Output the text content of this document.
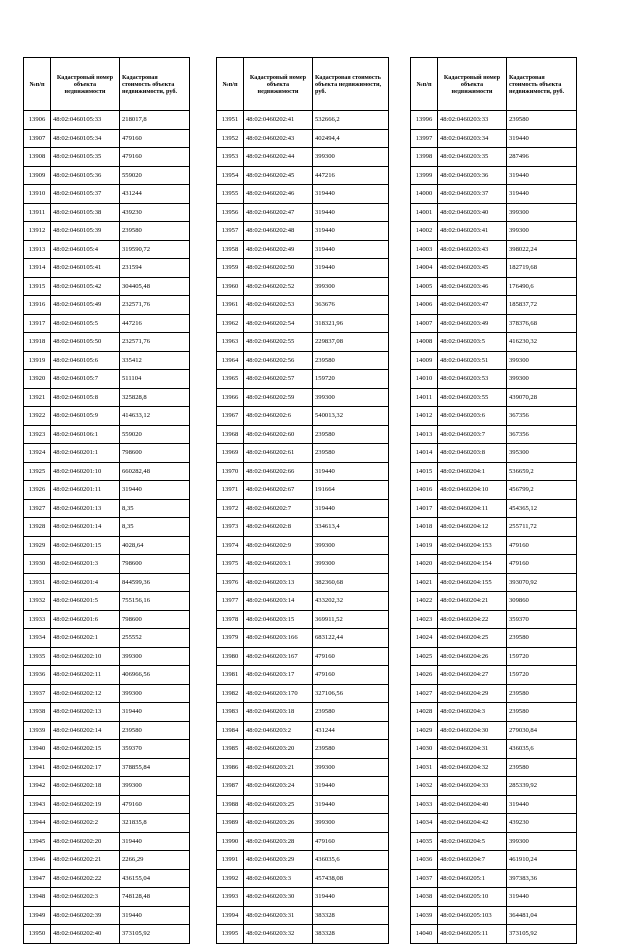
№п/п	Кадастровый номер объекта недвижимости	Кадастровая стоимость объекта недвижимости, руб.
13906	48:02:0460105:33	218017,8
13907	48:02:0460105:34	479160
13908	48:02:0460105:35	479160
13909	48:02:0460105:36	559020
13910	48:02:0460105:37	431244
13911	48:02:0460105:38	439230
13912	48:02:0460105:39	239580
13913	48:02:0460105:4	319590,72
13914	48:02:0460105:41	231594
13915	48:02:0460105:42	304405,48
13916	48:02:0460105:49	232571,76
13917	48:02:0460105:5	447216
13918	48:02:0460105:50	232571,76
13919	48:02:0460105:6	335412
13920	48:02:0460105:7	511104
13921	48:02:0460105:8	325828,8
13922	48:02:0460105:9	414633,12
13923	48:02:0460106:1	559020
13924	48:02:0460201:1	798600
13925	48:02:0460201:10	660282,48
13926	48:02:0460201:11	319440
13927	48:02:0460201:13	8,35
13928	48:02:0460201:14	8,35
13929	48:02:0460201:15	4028,64
13930	48:02:0460201:3	798600
13931	48:02:0460201:4	844599,36
13932	48:02:0460201:5	755156,16
13933	48:02:0460201:6	798600
13934	48:02:0460202:1	255552
13935	48:02:0460202:10	399300
13936	48:02:0460202:11	406966,56
13937	48:02:0460202:12	399300
13938	48:02:0460202:13	319440
13939	48:02:0460202:14	239580
13940	48:02:0460202:15	359370
13941	48:02:0460202:17	378855,84
13942	48:02:0460202:18	399300
13943	48:02:0460202:19	479160
13944	48:02:0460202:2	321835,8
13945	48:02:0460202:20	319440
13946	48:02:0460202:21	2266,29
13947	48:02:0460202:22	436155,04
13948	48:02:0460202:3	748128,48
13949	48:02:0460202:39	319440
13950	48:02:0460202:40	373105,92
№п/п	Кадастровый номер объекта недвижимости	Кадастровая стоимость объекта недвижимости, руб.
13951	48:02:0460202:41	532666,2
13952	48:02:0460202:43	402494,4
13953	48:02:0460202:44	399300
13954	48:02:0460202:45	447216
13955	48:02:0460202:46	319440
13956	48:02:0460202:47	319440
13957	48:02:0460202:48	319440
13958	48:02:0460202:49	319440
13959	48:02:0460202:50	319440
13960	48:02:0460202:52	399300
13961	48:02:0460202:53	363676
13962	48:02:0460202:54	318321,96
13963	48:02:0460202:55	229837,08
13964	48:02:0460202:56	239580
13965	48:02:0460202:57	159720
13966	48:02:0460202:59	399300
13967	48:02:0460202:6	540013,32
13968	48:02:0460202:60	239580
13969	48:02:0460202:61	239580
13970	48:02:0460202:66	319440
13971	48:02:0460202:67	191664
13972	48:02:0460202:7	319440
13973	48:02:0460202:8	334613,4
13974	48:02:0460202:9	399300
13975	48:02:0460203:1	399300
13976	48:02:0460203:13	382360,68
13977	48:02:0460203:14	433202,32
13978	48:02:0460203:15	369911,52
13979	48:02:0460203:166	683122,44
13980	48:02:0460203:167	479160
13981	48:02:0460203:17	479160
13982	48:02:0460203:170	327106,56
13983	48:02:0460203:18	239580
13984	48:02:0460203:2	431244
13985	48:02:0460203:20	239580
13986	48:02:0460203:21	399300
13987	48:02:0460203:24	319440
13988	48:02:0460203:25	319440
13989	48:02:0460203:26	399300
13990	48:02:0460203:28	479160
13991	48:02:0460203:29	436035,6
13992	48:02:0460203:3	457438,08
13993	48:02:0460203:30	319440
13994	48:02:0460203:31	383328
13995	48:02:0460203:32	383328
№п/п	Кадастровый номер объекта недвижимости	Кадастровая стоимость объекта недвижимости, руб.
13996	48:02:0460203:33	239580
13997	48:02:0460203:34	319440
13998	48:02:0460203:35	287496
13999	48:02:0460203:36	319440
14000	48:02:0460203:37	319440
14001	48:02:0460203:40	399300
14002	48:02:0460203:41	399300
14003	48:02:0460203:43	398022,24
14004	48:02:0460203:45	182719,68
14005	48:02:0460203:46	176490,6
14006	48:02:0460203:47	185837,72
14007	48:02:0460203:49	378376,68
14008	48:02:0460203:5	416230,32
14009	48:02:0460203:51	399300
14010	48:02:0460203:53	399300
14011	48:02:0460203:55	439070,28
14012	48:02:0460203:6	367356
14013	48:02:0460203:7	367356
14014	48:02:0460203:8	395300
14015	48:02:0460204:1	536659,2
14016	48:02:0460204:10	456799,2
14017	48:02:0460204:11	454365,12
14018	48:02:0460204:12	255711,72
14019	48:02:0460204:153	479160
14020	48:02:0460204:154	479160
14021	48:02:0460204:155	393070,92
14022	48:02:0460204:21	309860
14023	48:02:0460204:22	359370
14024	48:02:0460204:25	239580
14025	48:02:0460204:26	159720
14026	48:02:0460204:27	159720
14027	48:02:0460204:29	239580
14028	48:02:0460204:3	239580
14029	48:02:0460204:30	279030,84
14030	48:02:0460204:31	436035,6
14031	48:02:0460204:32	239580
14032	48:02:0460204:33	285339,92
14033	48:02:0460204:40	319440
14034	48:02:0460204:42	439230
14035	48:02:0460204:5	399300
14036	48:02:0460204:7	461910,24
14037	48:02:0460205:1	397383,36
14038	48:02:0460205:10	319440
14039	48:02:0460205:103	364481,04
14040	48:02:0460205:11	373105,92
